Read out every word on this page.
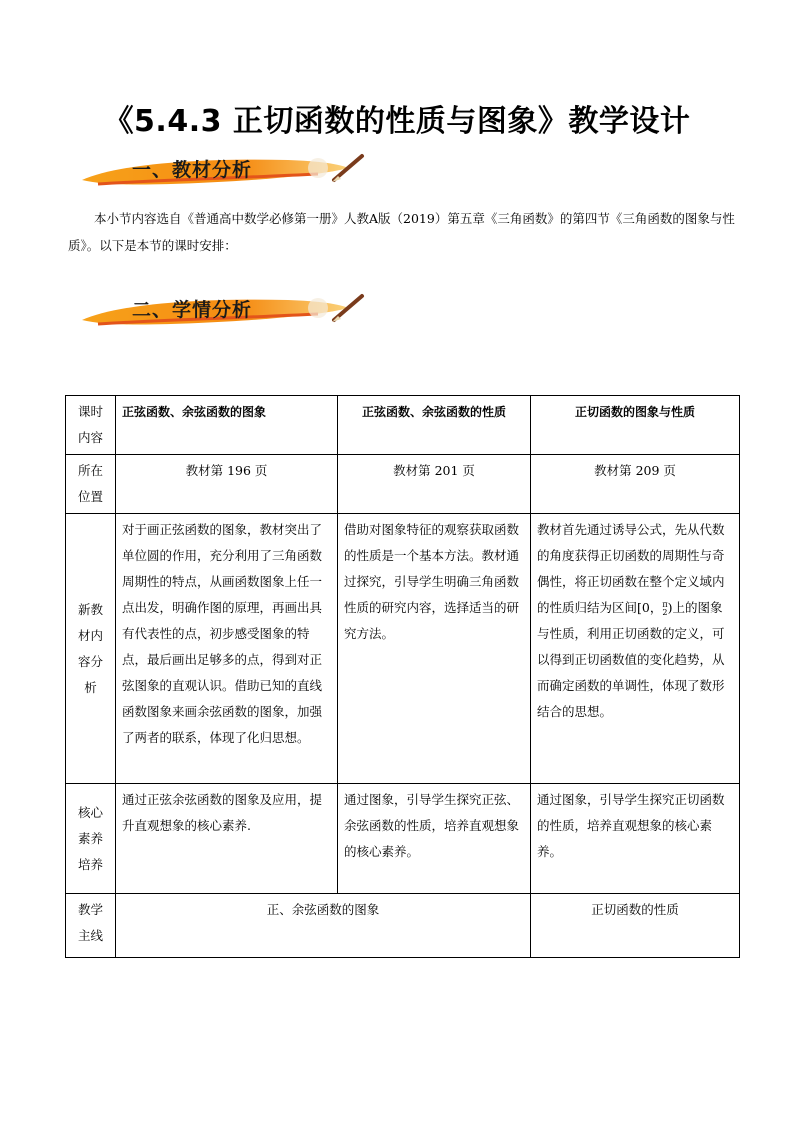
《5.4.3 正切函数的性质与图象》教学设计
一、教材分析
本小节内容选自《普通高中数学必修第一册》人教A版（2019）第五章《三角函数》的第四节《三角函数的图象与性质》。以下是本节的课时安排：
二、学情分析
课时内容	正弦函数、余弦函数的图象	正弦函数、余弦函数的性质	正切函数的图象与性质
所在位置	教材第 196 页	教材第 201 页	教材第 209 页
新教材内容分析	对于画正弦函数的图象，教材突出了单位圆的作用，充分利用了三角函数周期性的特点，从画函数图象上任一点出发，明确作图的原理，再画出具有代表性的点，初步感受图象的特点，最后画出足够多的点，得到对正弦图象的直观认识。借助已知的直线函数图象来画余弦函数的图象，加强了两者的联系，体现了化归思想。	借助对图象特征的观察获取函数的性质是一个基本方法。教材通过探究，引导学生明确三角函数性质的研究内容，选择适当的研究方法。	教材首先通过诱导公式，先从代数的角度获得正切函数的周期性与奇偶性，将正切函数在整个定义域内的性质归结为区间[0，π
2)上的图象与性质，利用正切函数的定义，可以得到正切函数值的变化趋势，从而确定函数的单调性，体现了数形结合的思想。
核心素养培养	通过正弦余弦函数的图象及应用，提升直观想象的核心素养.	通过图象，引导学生探究正弦、余弦函数的性质，培养直观想象的核心素养。	通过图象，引导学生探究正切函数的性质，培养直观想象的核心素养。
教学主线	正、余弦函数的图象		正切函数的性质
